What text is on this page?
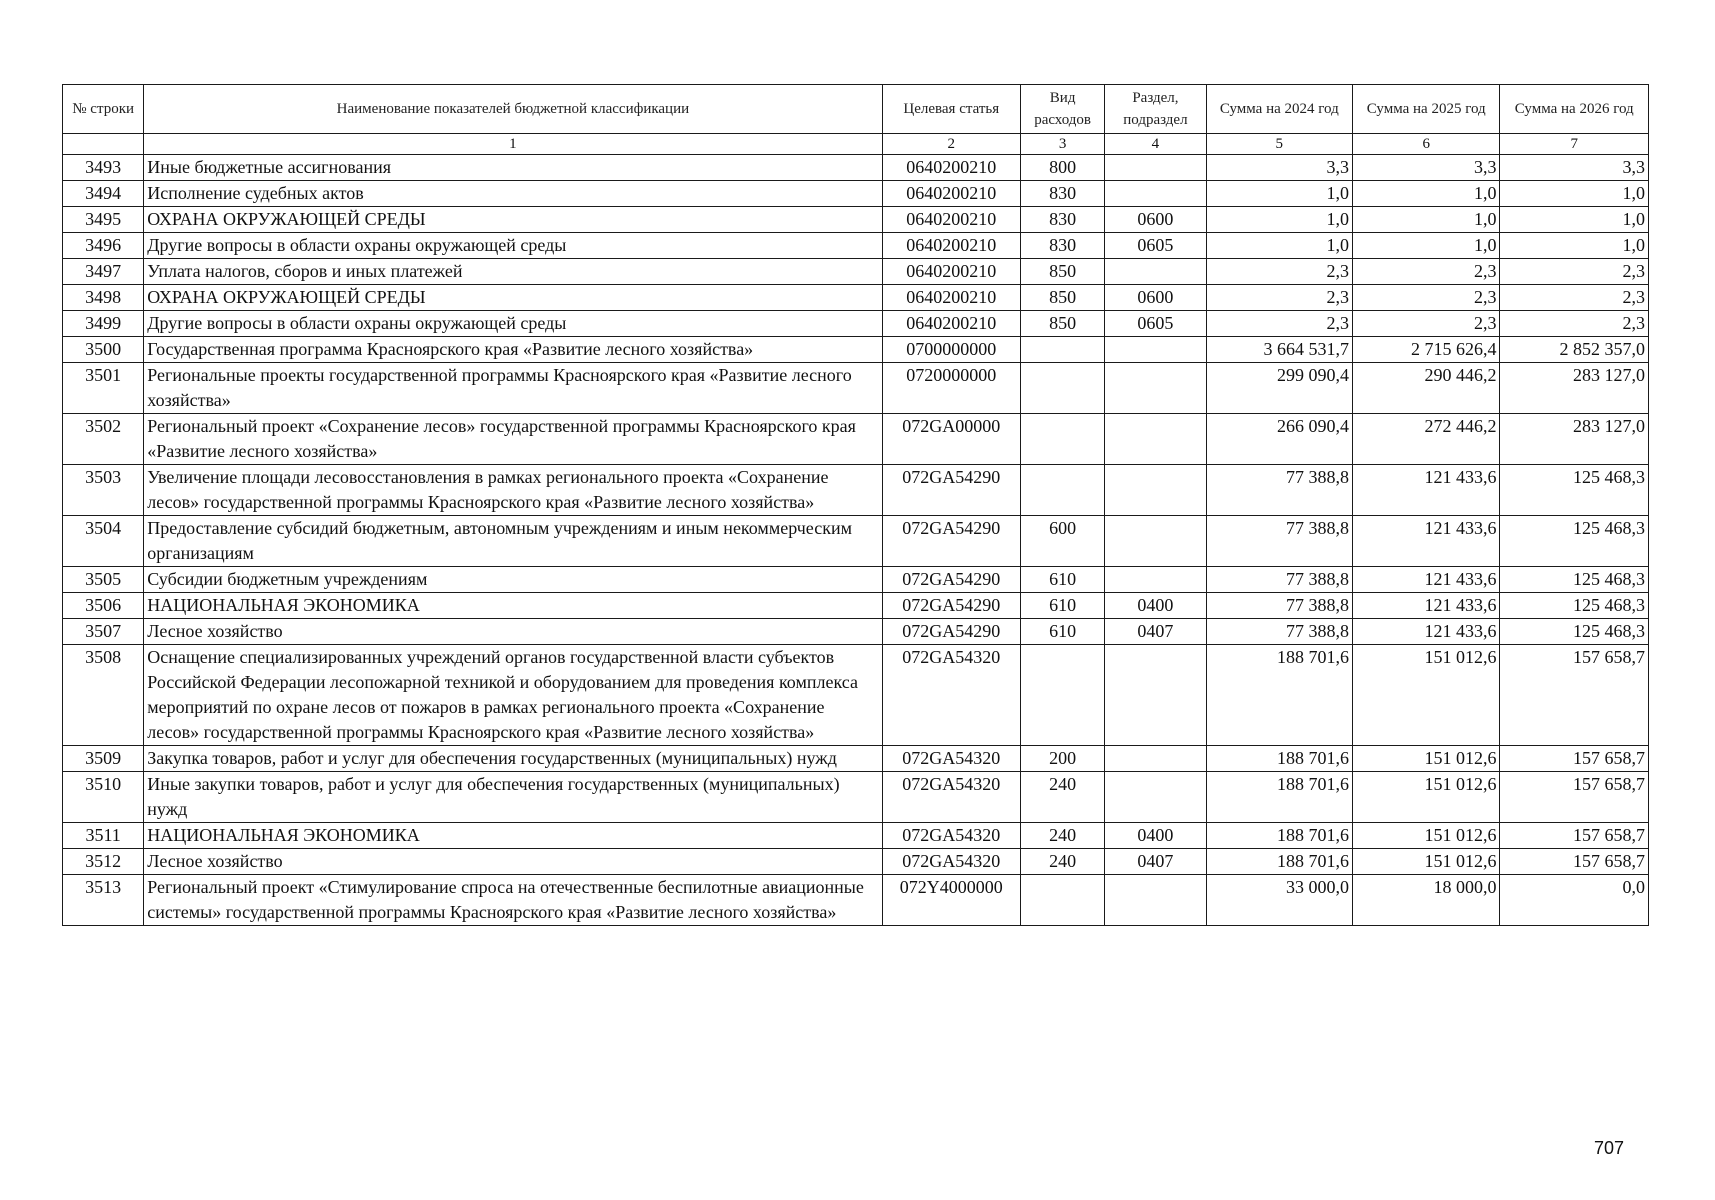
№ строки	Наименование показателей бюджетной классификации	Целевая статья	Вид расходов	Раздел, подраздел	Сумма на 2024 год	Сумма на 2025 год	Сумма на 2026 год
	1	2	3	4	5	6	7
3493	Иные бюджетные ассигнования	0640200210	800		3,3	3,3	3,3
3494	Исполнение судебных актов	0640200210	830		1,0	1,0	1,0
3495	ОХРАНА ОКРУЖАЮЩЕЙ СРЕДЫ	0640200210	830	0600	1,0	1,0	1,0
3496	Другие вопросы в области охраны окружающей среды	0640200210	830	0605	1,0	1,0	1,0
3497	Уплата налогов, сборов и иных платежей	0640200210	850		2,3	2,3	2,3
3498	ОХРАНА ОКРУЖАЮЩЕЙ СРЕДЫ	0640200210	850	0600	2,3	2,3	2,3
3499	Другие вопросы в области охраны окружающей среды	0640200210	850	0605	2,3	2,3	2,3
3500	Государственная программа Красноярского края «Развитие лесного хозяйства»	0700000000			3 664 531,7	2 715 626,4	2 852 357,0
3501	Региональные проекты государственной программы Красноярского края «Развитие лесного хозяйства»	0720000000			299 090,4	290 446,2	283 127,0
3502	Региональный проект «Сохранение лесов» государственной программы Красноярского края «Развитие лесного хозяйства»	072GA00000			266 090,4	272 446,2	283 127,0
3503	Увеличение площади лесовосстановления в рамках регионального проекта «Сохранение лесов» государственной программы Красноярского края «Развитие лесного хозяйства»	072GA54290			77 388,8	121 433,6	125 468,3
3504	Предоставление субсидий бюджетным, автономным учреждениям и иным некоммерческим организациям	072GA54290	600		77 388,8	121 433,6	125 468,3
3505	Субсидии бюджетным учреждениям	072GA54290	610		77 388,8	121 433,6	125 468,3
3506	НАЦИОНАЛЬНАЯ ЭКОНОМИКА	072GA54290	610	0400	77 388,8	121 433,6	125 468,3
3507	Лесное хозяйство	072GA54290	610	0407	77 388,8	121 433,6	125 468,3
3508	Оснащение специализированных учреждений органов государственной власти субъектов Российской Федерации лесопожарной техникой и оборудованием для проведения комплекса мероприятий по охране лесов от пожаров в рамках регионального проекта «Сохранение лесов» государственной программы Красноярского края «Развитие лесного хозяйства»	072GA54320			188 701,6	151 012,6	157 658,7
3509	Закупка товаров, работ и услуг для обеспечения государственных (муниципальных) нужд	072GA54320	200		188 701,6	151 012,6	157 658,7
3510	Иные закупки товаров, работ и услуг для обеспечения государственных (муниципальных) нужд	072GA54320	240		188 701,6	151 012,6	157 658,7
3511	НАЦИОНАЛЬНАЯ ЭКОНОМИКА	072GA54320	240	0400	188 701,6	151 012,6	157 658,7
3512	Лесное хозяйство	072GA54320	240	0407	188 701,6	151 012,6	157 658,7
3513	Региональный проект «Стимулирование спроса на отечественные беспилотные авиационные системы» государственной программы Красноярского края «Развитие лесного хозяйства»	072Y4000000			33 000,0	18 000,0	0,0
707
